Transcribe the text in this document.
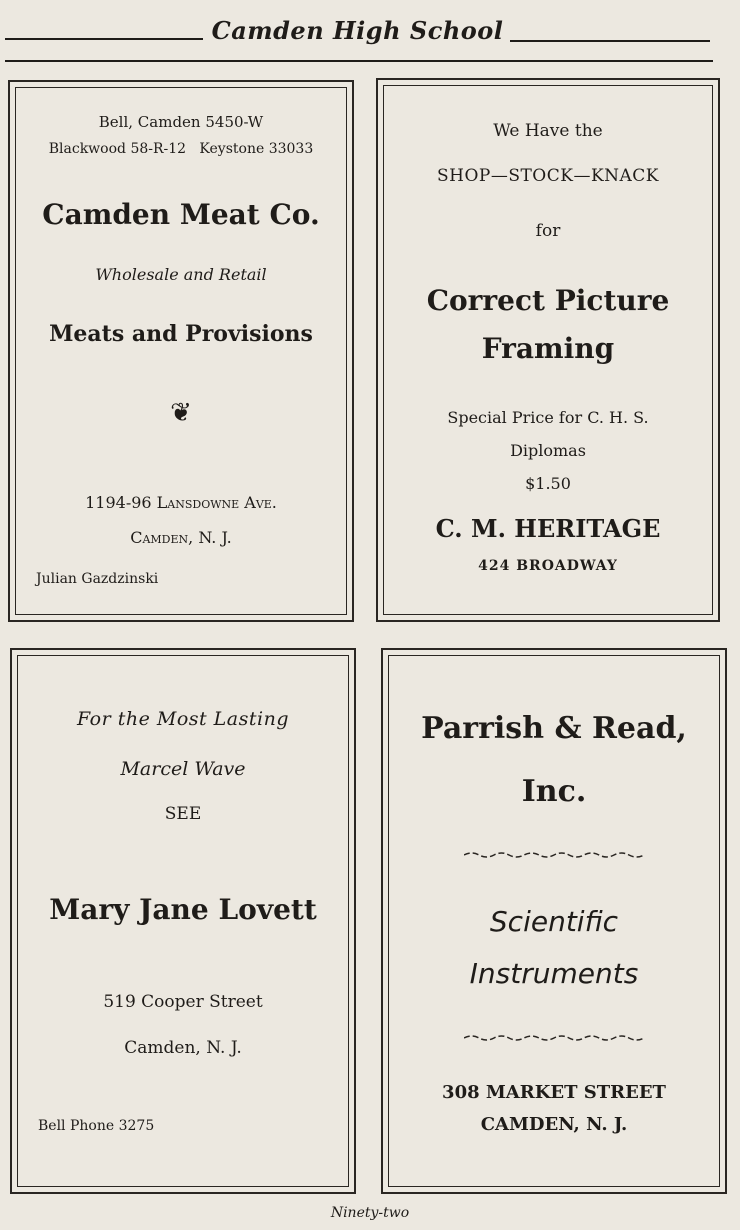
Camden High School
Bell, Camden 5450-W
Blackwood 58-R-12   Keystone 33033
Camden Meat Co.
Wholesale and Retail
Meats and Provisions
❦
1194-96 Lansdowne Ave.
Camden, N. J.
Julian Gazdzinski
We Have the
SHOP—STOCK—KNACK
for
Correct Picture
Framing
Special Price for C. H. S.
Diplomas
$1.50
C. M. HERITAGE
424 BROADWAY
For the Most Lasting
Marcel Wave
SEE
Mary Jane Lovett
519 Cooper Street
Camden, N. J.
Bell Phone 3275
Parrish & Read,
Inc.
Scientific
Instruments
308 MARKET STREET
CAMDEN, N. J.
Ninety-two
